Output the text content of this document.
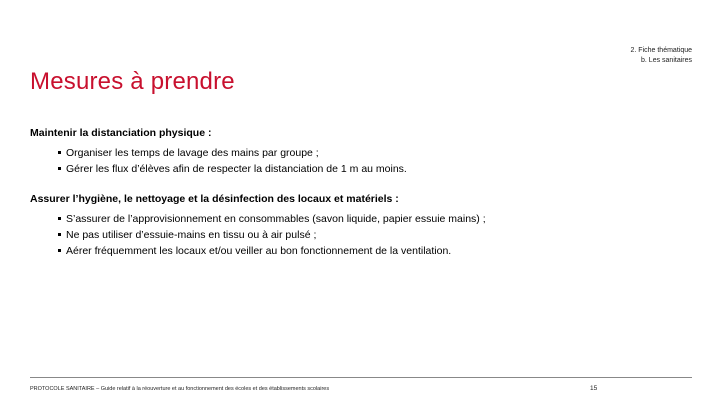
2. Fiche thématique
b. Les sanitaires
Mesures à prendre

Maintenir la distanciation physique :

Organiser les temps de lavage des mains par groupe ;
Gérer les flux d’élèves afin de respecter la distanciation de 1 m au moins.

Assurer l’hygiène, le nettoyage et la désinfection des locaux et matériels :

S’assurer de l’approvisionnement en consommables (savon liquide, papier essuie mains) ;
Ne pas utiliser d’essuie-mains en tissu ou à air pulsé ;
Aérer fréquemment les locaux et/ou veiller au bon fonctionnement de la ventilation.
PROTOCOLE SANITAIRE – Guide relatif à la réouverture et au fonctionnement des écoles et des établissements scolaires	15
